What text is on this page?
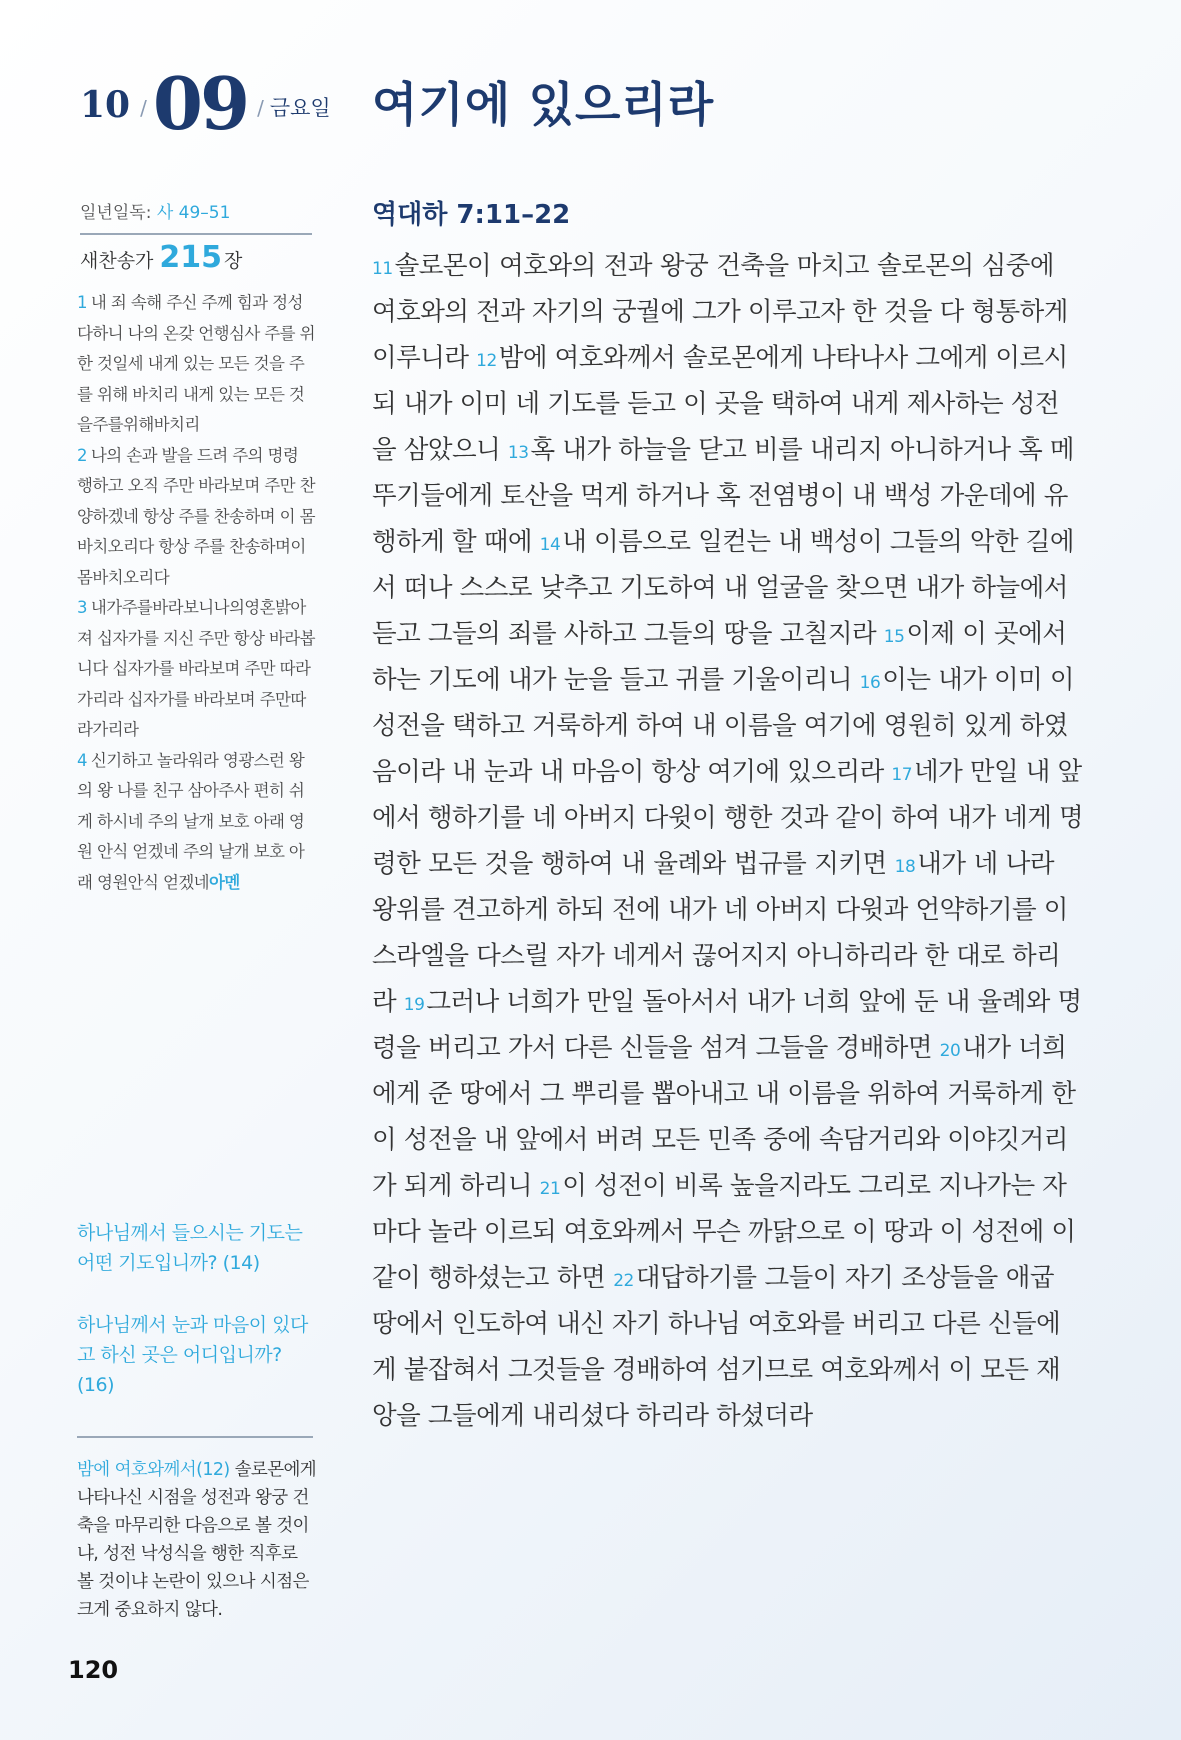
10 / 09 / 금요일 여기에 있으리라
일년일독: 사 49–51
새찬송가 215 장

1 내 죄 속해 주신 주께 힘과 정성 다하니 나의 온갖 언행심사 주를 위한 것일세 내게 있는 모든 것을 주를 위해 바치리 내게 있는 모든 것을주를위해바치리

2 나의 손과 발을 드려 주의 명령 행하고 오직 주만 바라보며 주만 찬양하겠네 항상 주를 찬송하며 이 몸 바치오리다 항상 주를 찬송하며이몸바치오리다

3 내가주를바라보니나의영혼밝아져 십자가를 지신 주만 항상 바라봅니다 십자가를 바라보며 주만 따라가리라 십자가를 바라보며 주만따라가리라

4 신기하고 놀라워라 영광스런 왕의 왕 나를 친구 삼아주사 편히 쉬게 하시네 주의 날개 보호 아래 영원 안식 얻겠네 주의 날개 보호 아래 영원안식 얻겠네아멘

하나님께서 들으시는 기도는 어떤 기도입니까? (14)
하나님께서 눈과 마음이 있다고 하신 곳은 어디입니까? (16)
밤에 여호와께서(12) 솔로몬에게 나타나신 시점을 성전과 왕궁 건축을 마무리한 다음으로 볼 것이냐, 성전 낙성식을 행한 직후로 볼 것이냐 논란이 있으나 시점은 크게 중요하지 않다.
120
역대하 7:11–22
11솔로몬이 여호와의 전과 왕궁 건축을 마치고 솔로몬의 심중에
여호와의 전과 자기의 궁궐에 그가 이루고자 한 것을 다 형통하게
이루니라 12밤에 여호와께서 솔로몬에게 나타나사 그에게 이르시
되 내가 이미 네 기도를 듣고 이 곳을 택하여 내게 제사하는 성전
을 삼았으니 13혹 내가 하늘을 닫고 비를 내리지 아니하거나 혹 메
뚜기들에게 토산을 먹게 하거나 혹 전염병이 내 백성 가운데에 유
행하게 할 때에 14내 이름으로 일컫는 내 백성이 그들의 악한 길에
서 떠나 스스로 낮추고 기도하여 내 얼굴을 찾으면 내가 하늘에서
듣고 그들의 죄를 사하고 그들의 땅을 고칠지라 15이제 이 곳에서
하는 기도에 내가 눈을 들고 귀를 기울이리니 16이는 내가 이미 이
성전을 택하고 거룩하게 하여 내 이름을 여기에 영원히 있게 하였
음이라 내 눈과 내 마음이 항상 여기에 있으리라 17네가 만일 내 앞
에서 행하기를 네 아버지 다윗이 행한 것과 같이 하여 내가 네게 명
령한 모든 것을 행하여 내 율례와 법규를 지키면 18내가 네 나라
왕위를 견고하게 하되 전에 내가 네 아버지 다윗과 언약하기를 이
스라엘을 다스릴 자가 네게서 끊어지지 아니하리라 한 대로 하리
라 19그러나 너희가 만일 돌아서서 내가 너희 앞에 둔 내 율례와 명
령을 버리고 가서 다른 신들을 섬겨 그들을 경배하면 20내가 너희
에게 준 땅에서 그 뿌리를 뽑아내고 내 이름을 위하여 거룩하게 한
이 성전을 내 앞에서 버려 모든 민족 중에 속담거리와 이야깃거리
가 되게 하리니 21이 성전이 비록 높을지라도 그리로 지나가는 자
마다 놀라 이르되 여호와께서 무슨 까닭으로 이 땅과 이 성전에 이
같이 행하셨는고 하면 22대답하기를 그들이 자기 조상들을 애굽
땅에서 인도하여 내신 자기 하나님 여호와를 버리고 다른 신들에
게 붙잡혀서 그것들을 경배하여 섬기므로 여호와께서 이 모든 재
앙을 그들에게 내리셨다 하리라 하셨더라
